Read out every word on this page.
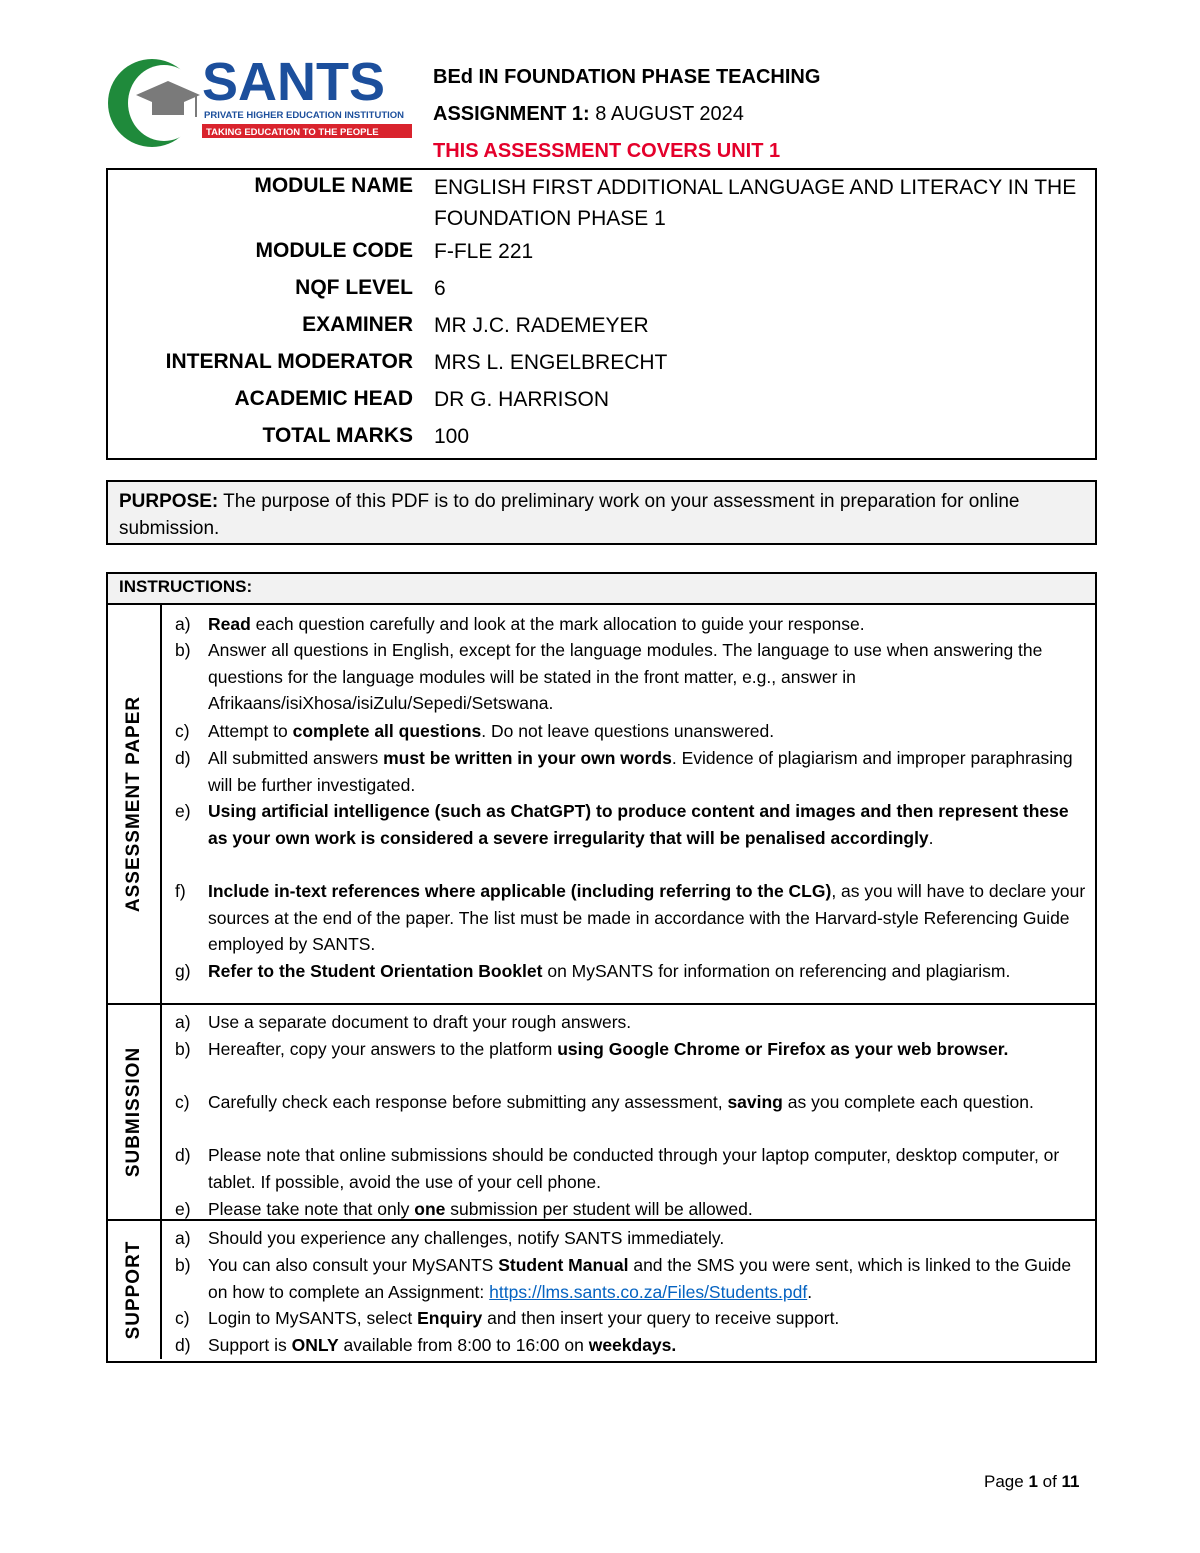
SANTS
PRIVATE HIGHER EDUCATION INSTITUTION
TAKING EDUCATION TO THE PEOPLE
BEd IN FOUNDATION PHASE TEACHING
ASSIGNMENT 1: 8 AUGUST 2024
THIS ASSESSMENT COVERS UNIT 1
MODULE NAME ENGLISH FIRST ADDITIONAL LANGUAGE AND LITERACY IN THE FOUNDATION PHASE 1
MODULE CODE F-FLE 221
NQF LEVEL 6
EXAMINER MR J.C. RADEMEYER
INTERNAL MODERATOR MRS L. ENGELBRECHT
ACADEMIC HEAD DR G. HARRISON
TOTAL MARKS 100
PURPOSE: The purpose of this PDF is to do preliminary work on your assessment in preparation for online submission.
INSTRUCTIONS:
ASSESSMENT PAPER
a) Read each question carefully and look at the mark allocation to guide your response.
b) Answer all questions in English, except for the language modules. The language to use when answering the questions for the language modules will be stated in the front matter, e.g., answer in Afrikaans/isiXhosa/isiZulu/Sepedi/Setswana.
c)	Attempt to complete all questions. Do not leave questions unanswered.
d) All submitted answers must be written in your own words. Evidence of plagiarism and improper paraphrasing will be further investigated.
e) Using artificial intelligence (such as ChatGPT) to produce content and images and then represent these as your own work is considered a severe irregularity that will be penalised accordingly.
f)	Include in-text references where applicable (including referring to the CLG), as you will have to declare your sources at the end of the paper. The list must be made in accordance with the Harvard-style Referencing Guide employed by SANTS.
g) Refer to the Student Orientation Booklet on MySANTS for information on referencing and plagiarism.
SUBMISSION
a) Use a separate document to draft your rough answers.
b) Hereafter, copy your answers to the platform using Google Chrome or Firefox as your web browser.
c)	Carefully check each response before submitting any assessment, saving as you complete each question.
d) Please note that online submissions should be conducted through your laptop computer, desktop computer, or tablet. If possible, avoid the use of your cell phone.
e) Please take note that only one submission per student will be allowed.
SUPPORT
a) Should you experience any challenges, notify SANTS immediately.
b) You can also consult your MySANTS Student Manual and the SMS you were sent, which is linked to the Guide on how to complete an Assignment: https://lms.sants.co.za/Files/Students.pdf.
c)	Login to MySANTS, select Enquiry and then insert your query to receive support.
d) Support is ONLY available from 8:00 to 16:00 on weekdays.
Page 1 of 11
